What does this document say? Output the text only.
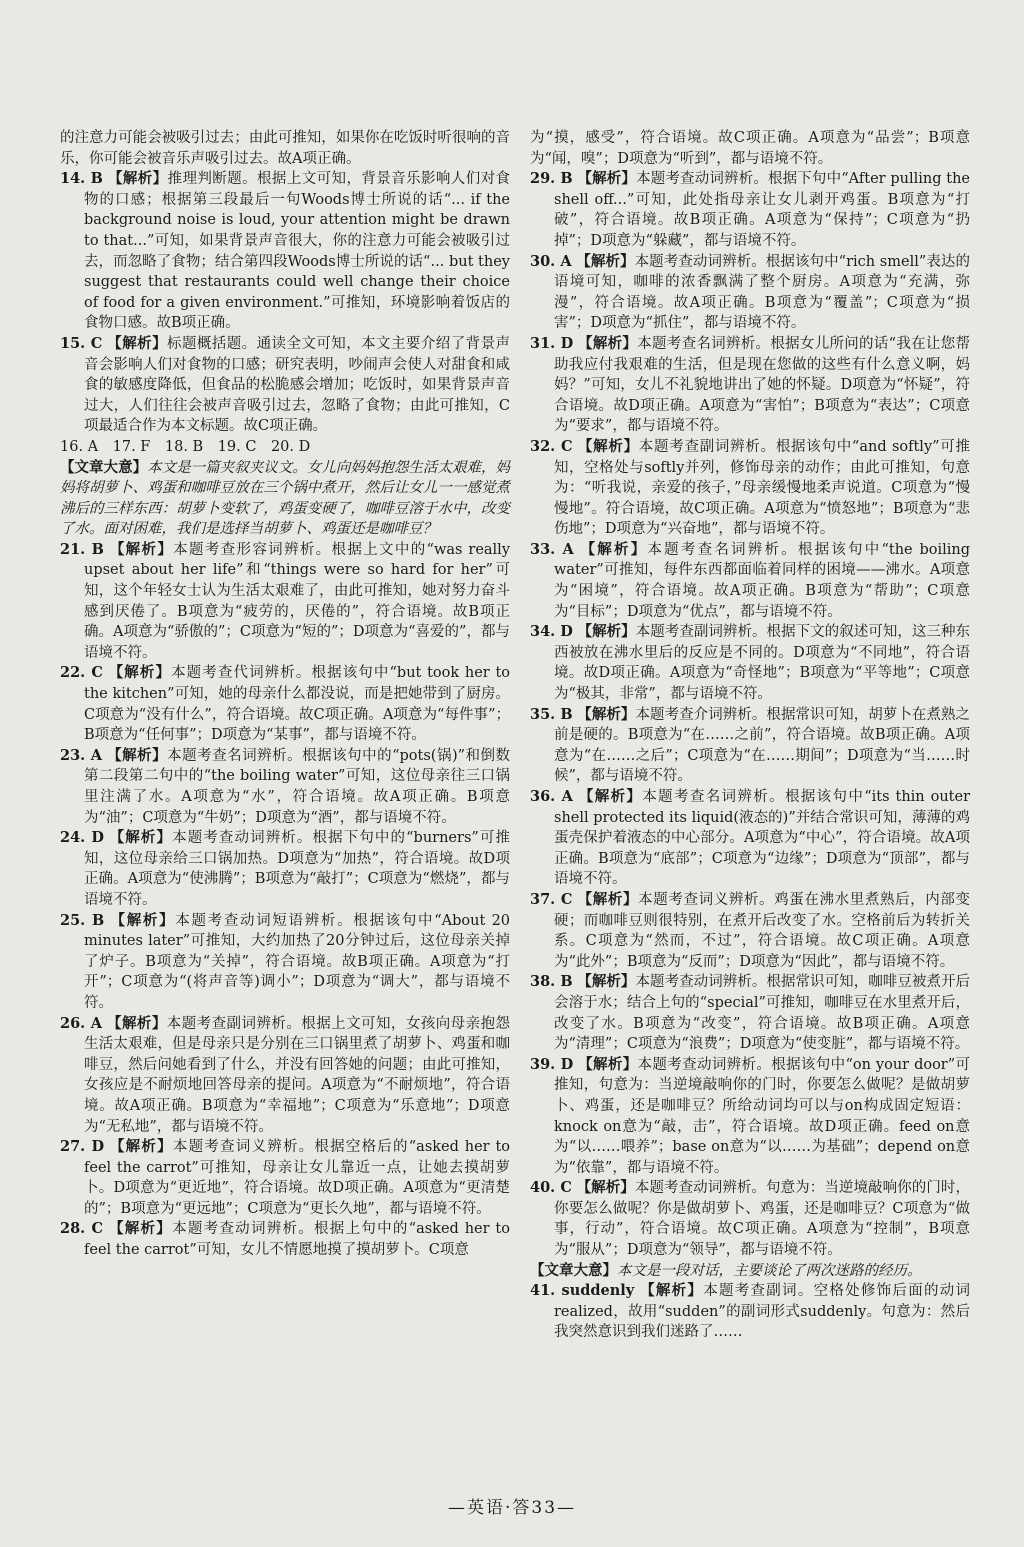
的注意力可能会被吸引过去；由此可推知，如果你在吃饭时听很响的音乐，你可能会被音乐声吸引过去。故A项正确。

14. B 【解析】推理判断题。根据上文可知，背景音乐影响人们对食物的口感；根据第三段最后一句Woods博士所说的话“... if the background noise is loud, your attention might be drawn to that...”可知，如果背景声音很大，你的注意力可能会被吸引过去，而忽略了食物；结合第四段Woods博士所说的话“... but they suggest that restaurants could well change their choice of food for a given environment.”可推知，环境影响着饭店的食物口感。故B项正确。

15. C 【解析】标题概括题。通读全文可知，本文主要介绍了背景声音会影响人们对食物的口感；研究表明，吵闹声会使人对甜食和咸食的敏感度降低，但食品的松脆感会增加；吃饭时，如果背景声音过大，人们往往会被声音吸引过去，忽略了食物；由此可推知，C项最适合作为本文标题。故C项正确。

16. A　17. F　18. B　19. C　20. D

【文章大意】本文是一篇夹叙夹议文。女儿向妈妈抱怨生活太艰难，妈妈将胡萝卜、鸡蛋和咖啡豆放在三个锅中煮开，然后让女儿一一感觉煮沸后的三样东西：胡萝卜变软了，鸡蛋变硬了，咖啡豆溶于水中，改变了水。面对困难，我们是选择当胡萝卜、鸡蛋还是咖啡豆？

21. B 【解析】本题考查形容词辨析。根据上文中的“was really upset about her life”和“things were so hard for her”可知，这个年轻女士认为生活太艰难了，由此可推知，她对努力奋斗感到厌倦了。B项意为“疲劳的，厌倦的”，符合语境。故B项正确。A项意为“骄傲的”；C项意为“短的”；D项意为“喜爱的”，都与语境不符。

22. C 【解析】本题考查代词辨析。根据该句中“but took her to the kitchen”可知，她的母亲什么都没说，而是把她带到了厨房。C项意为“没有什么”，符合语境。故C项正确。A项意为“每件事”；B项意为“任何事”；D项意为“某事”，都与语境不符。

23. A 【解析】本题考查名词辨析。根据该句中的“pots(锅)”和倒数第二段第二句中的“the boiling water”可知，这位母亲往三口锅里注满了水。A项意为“水”，符合语境。故A项正确。B项意为“油”；C项意为“牛奶”；D项意为“酒”，都与语境不符。

24. D 【解析】本题考查动词辨析。根据下句中的“burners”可推知，这位母亲给三口锅加热。D项意为“加热”，符合语境。故D项正确。A项意为“使沸腾”；B项意为“敲打”；C项意为“燃烧”，都与语境不符。

25. B 【解析】本题考查动词短语辨析。根据该句中“About 20 minutes later”可推知，大约加热了20分钟过后，这位母亲关掉了炉子。B项意为“关掉”，符合语境。故B项正确。A项意为“打开”；C项意为“(将声音等)调小”；D项意为“调大”，都与语境不符。

26. A 【解析】本题考查副词辨析。根据上文可知，女孩向母亲抱怨生活太艰难，但是母亲只是分别在三口锅里煮了胡萝卜、鸡蛋和咖啡豆，然后问她看到了什么，并没有回答她的问题；由此可推知，女孩应是不耐烦地回答母亲的提问。A项意为“不耐烦地”，符合语境。故A项正确。B项意为“幸福地”；C项意为“乐意地”；D项意为“无私地”，都与语境不符。

27. D 【解析】本题考查词义辨析。根据空格后的“asked her to feel the carrot”可推知，母亲让女儿靠近一点，让她去摸胡萝卜。D项意为“更近地”，符合语境。故D项正确。A项意为“更清楚的”；B项意为“更远地”；C项意为“更长久地”，都与语境不符。

28. C 【解析】本题考查动词辨析。根据上句中的“asked her to feel the carrot”可知，女儿不情愿地摸了摸胡萝卜。C项意

为“摸，感受”，符合语境。故C项正确。A项意为“品尝”；B项意为“闻，嗅”；D项意为“听到”，都与语境不符。

29. B 【解析】本题考查动词辨析。根据下句中“After pulling the shell off...”可知，此处指母亲让女儿剥开鸡蛋。B项意为“打破”，符合语境。故B项正确。A项意为“保持”；C项意为“扔掉”；D项意为“躲藏”，都与语境不符。

30. A 【解析】本题考查动词辨析。根据该句中“rich smell”表达的语境可知，咖啡的浓香飘满了整个厨房。A项意为“充满，弥漫”，符合语境。故A项正确。B项意为“覆盖”；C项意为“损害”；D项意为“抓住”，都与语境不符。

31. D 【解析】本题考查名词辨析。根据女儿所问的话“我在让您帮助我应付我艰难的生活，但是现在您做的这些有什么意义啊，妈妈？”可知，女儿不礼貌地讲出了她的怀疑。D项意为“怀疑”，符合语境。故D项正确。A项意为“害怕”；B项意为“表达”；C项意为“要求”，都与语境不符。

32. C 【解析】本题考查副词辨析。根据该句中“and softly”可推知，空格处与softly并列，修饰母亲的动作；由此可推知，句意为：“听我说，亲爱的孩子，”母亲缓慢地柔声说道。C项意为“慢慢地”。符合语境，故C项正确。A项意为“愤怒地”；B项意为“悲伤地”；D项意为“兴奋地”，都与语境不符。

33. A 【解析】本题考查名词辨析。根据该句中“the boiling water”可推知，每件东西都面临着同样的困境——沸水。A项意为“困境”，符合语境。故A项正确。B项意为“帮助”；C项意为“目标”；D项意为“优点”，都与语境不符。

34. D 【解析】本题考查副词辨析。根据下文的叙述可知，这三种东西被放在沸水里后的反应是不同的。D项意为“不同地”，符合语境。故D项正确。A项意为“奇怪地”；B项意为“平等地”；C项意为“极其，非常”，都与语境不符。

35. B 【解析】本题考查介词辨析。根据常识可知，胡萝卜在煮熟之前是硬的。B项意为“在……之前”，符合语境。故B项正确。A项意为“在……之后”；C项意为“在……期间”；D项意为“当……时候”，都与语境不符。

36. A 【解析】本题考查名词辨析。根据该句中“its thin outer shell protected its liquid(液态的)”并结合常识可知，薄薄的鸡蛋壳保护着液态的中心部分。A项意为“中心”，符合语境。故A项正确。B项意为“底部”；C项意为“边缘”；D项意为“顶部”，都与语境不符。

37. C 【解析】本题考查词义辨析。鸡蛋在沸水里煮熟后，内部变硬；而咖啡豆则很特别，在煮开后改变了水。空格前后为转折关系。C项意为“然而，不过”，符合语境。故C项正确。A项意为“此外”；B项意为“反而”；D项意为“因此”，都与语境不符。

38. B 【解析】本题考查动词辨析。根据常识可知，咖啡豆被煮开后会溶于水；结合上句的“special”可推知，咖啡豆在水里煮开后，改变了水。B项意为“改变”，符合语境。故B项正确。A项意为“清理”；C项意为“浪费”；D项意为“使变脏”，都与语境不符。

39. D 【解析】本题考查动词辨析。根据该句中“on your door”可推知，句意为：当逆境敲响你的门时，你要怎么做呢？是做胡萝卜、鸡蛋，还是咖啡豆？所给动词均可以与on构成固定短语：knock on意为“敲，击”，符合语境。故D项正确。feed on意为“以……喂养”；base on意为“以……为基础”；depend on意为“依靠”，都与语境不符。

40. C 【解析】本题考查动词辨析。句意为：当逆境敲响你的门时，你要怎么做呢？你是做胡萝卜、鸡蛋，还是咖啡豆？C项意为“做事，行动”，符合语境。故C项正确。A项意为“控制”，B项意为“服从”；D项意为“领导”，都与语境不符。

【文章大意】本文是一段对话，主要谈论了两次迷路的经历。

41. suddenly 【解析】本题考查副词。空格处修饰后面的动词realized，故用“sudden”的副词形式suddenly。句意为：然后我突然意识到我们迷路了……

—英语·答33—
